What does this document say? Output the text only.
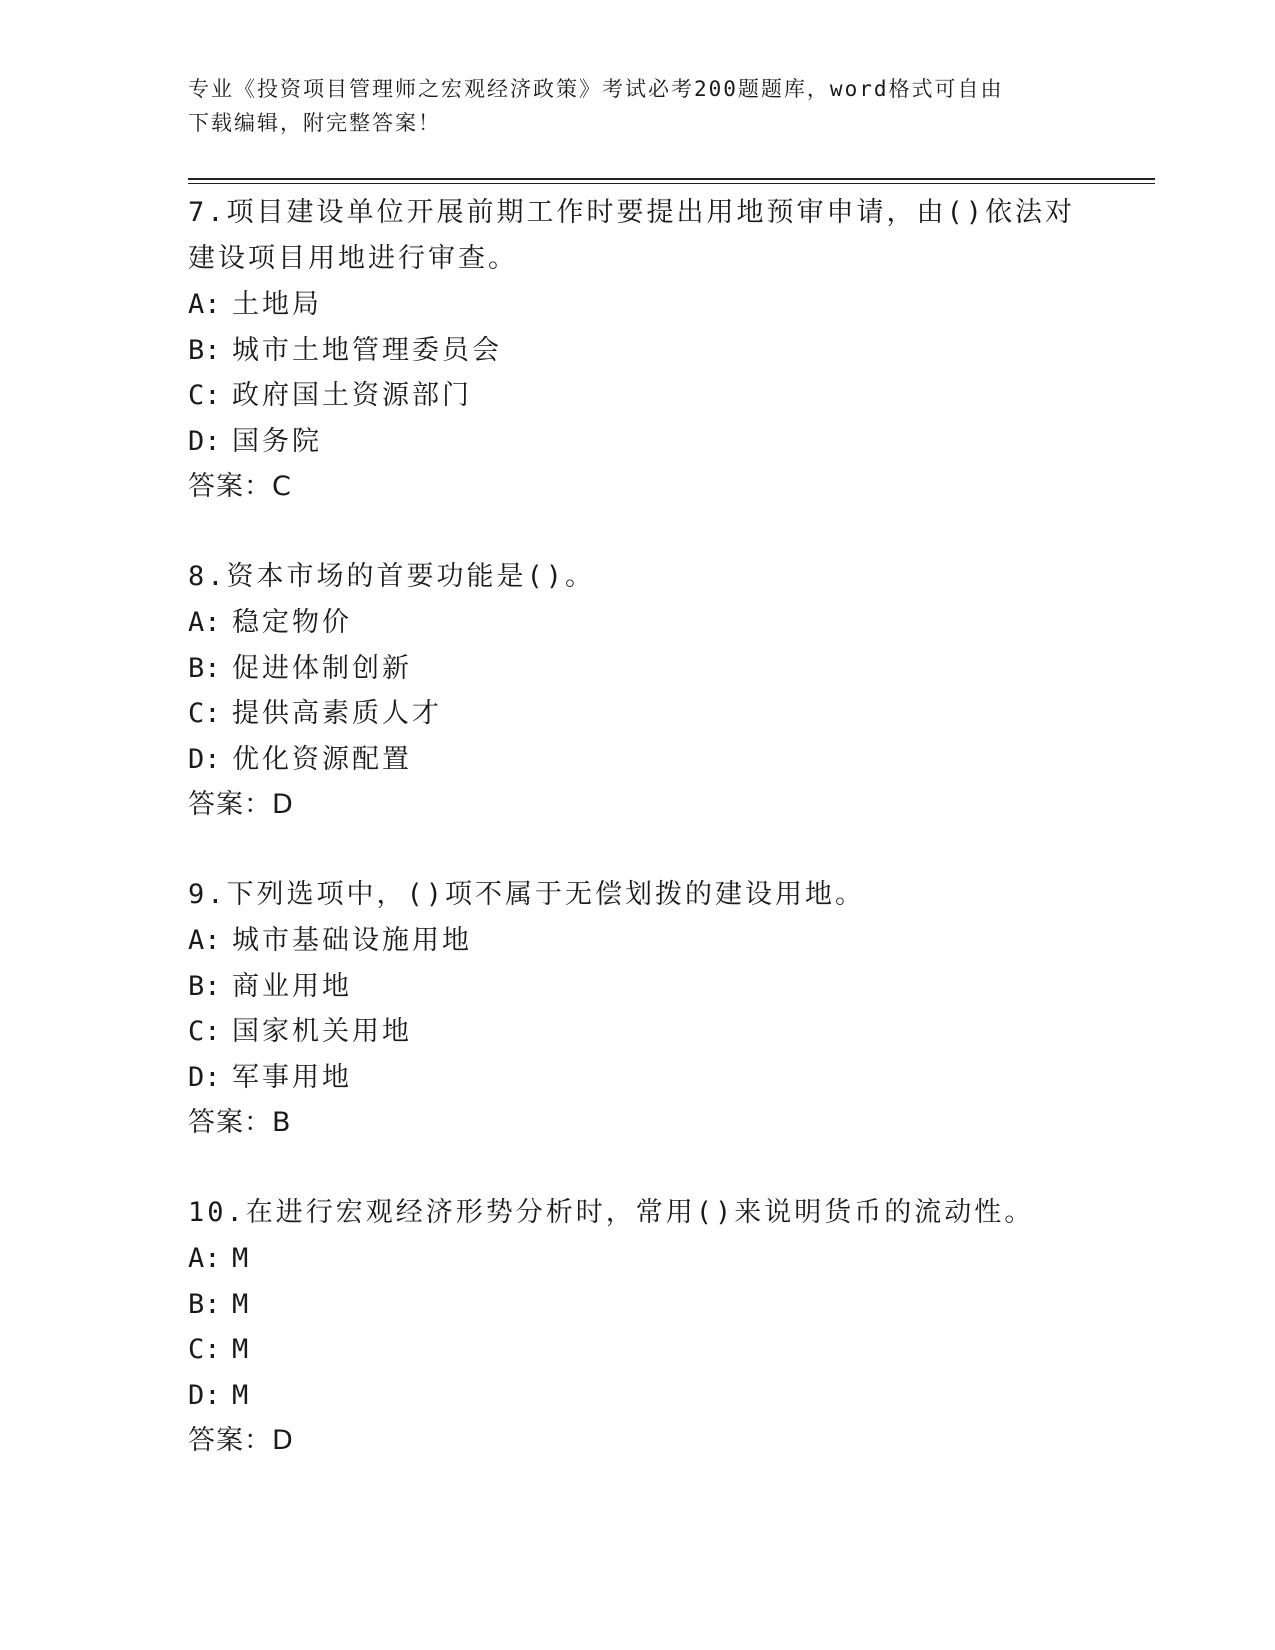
专业《投资项目管理师之宏观经济政策》考试必考200题题库，word格式可自由
下载编辑，附完整答案！

7.项目建设单位开展前期工作时要提出用地预审申请，由()依法对建设项目用地进行审查。

A: 土地局

B: 城市土地管理委员会

C: 政府国土资源部门

D: 国务院

答案：C

8.资本市场的首要功能是()。

A: 稳定物价

B: 促进体制创新

C: 提供高素质人才

D: 优化资源配置

答案：D

9.下列选项中，()项不属于无偿划拨的建设用地。

A: 城市基础设施用地

B: 商业用地

C: 国家机关用地

D: 军事用地

答案：B

10.在进行宏观经济形势分析时，常用()来说明货币的流动性。

A: M

B: M

C: M

D: M

答案：D
